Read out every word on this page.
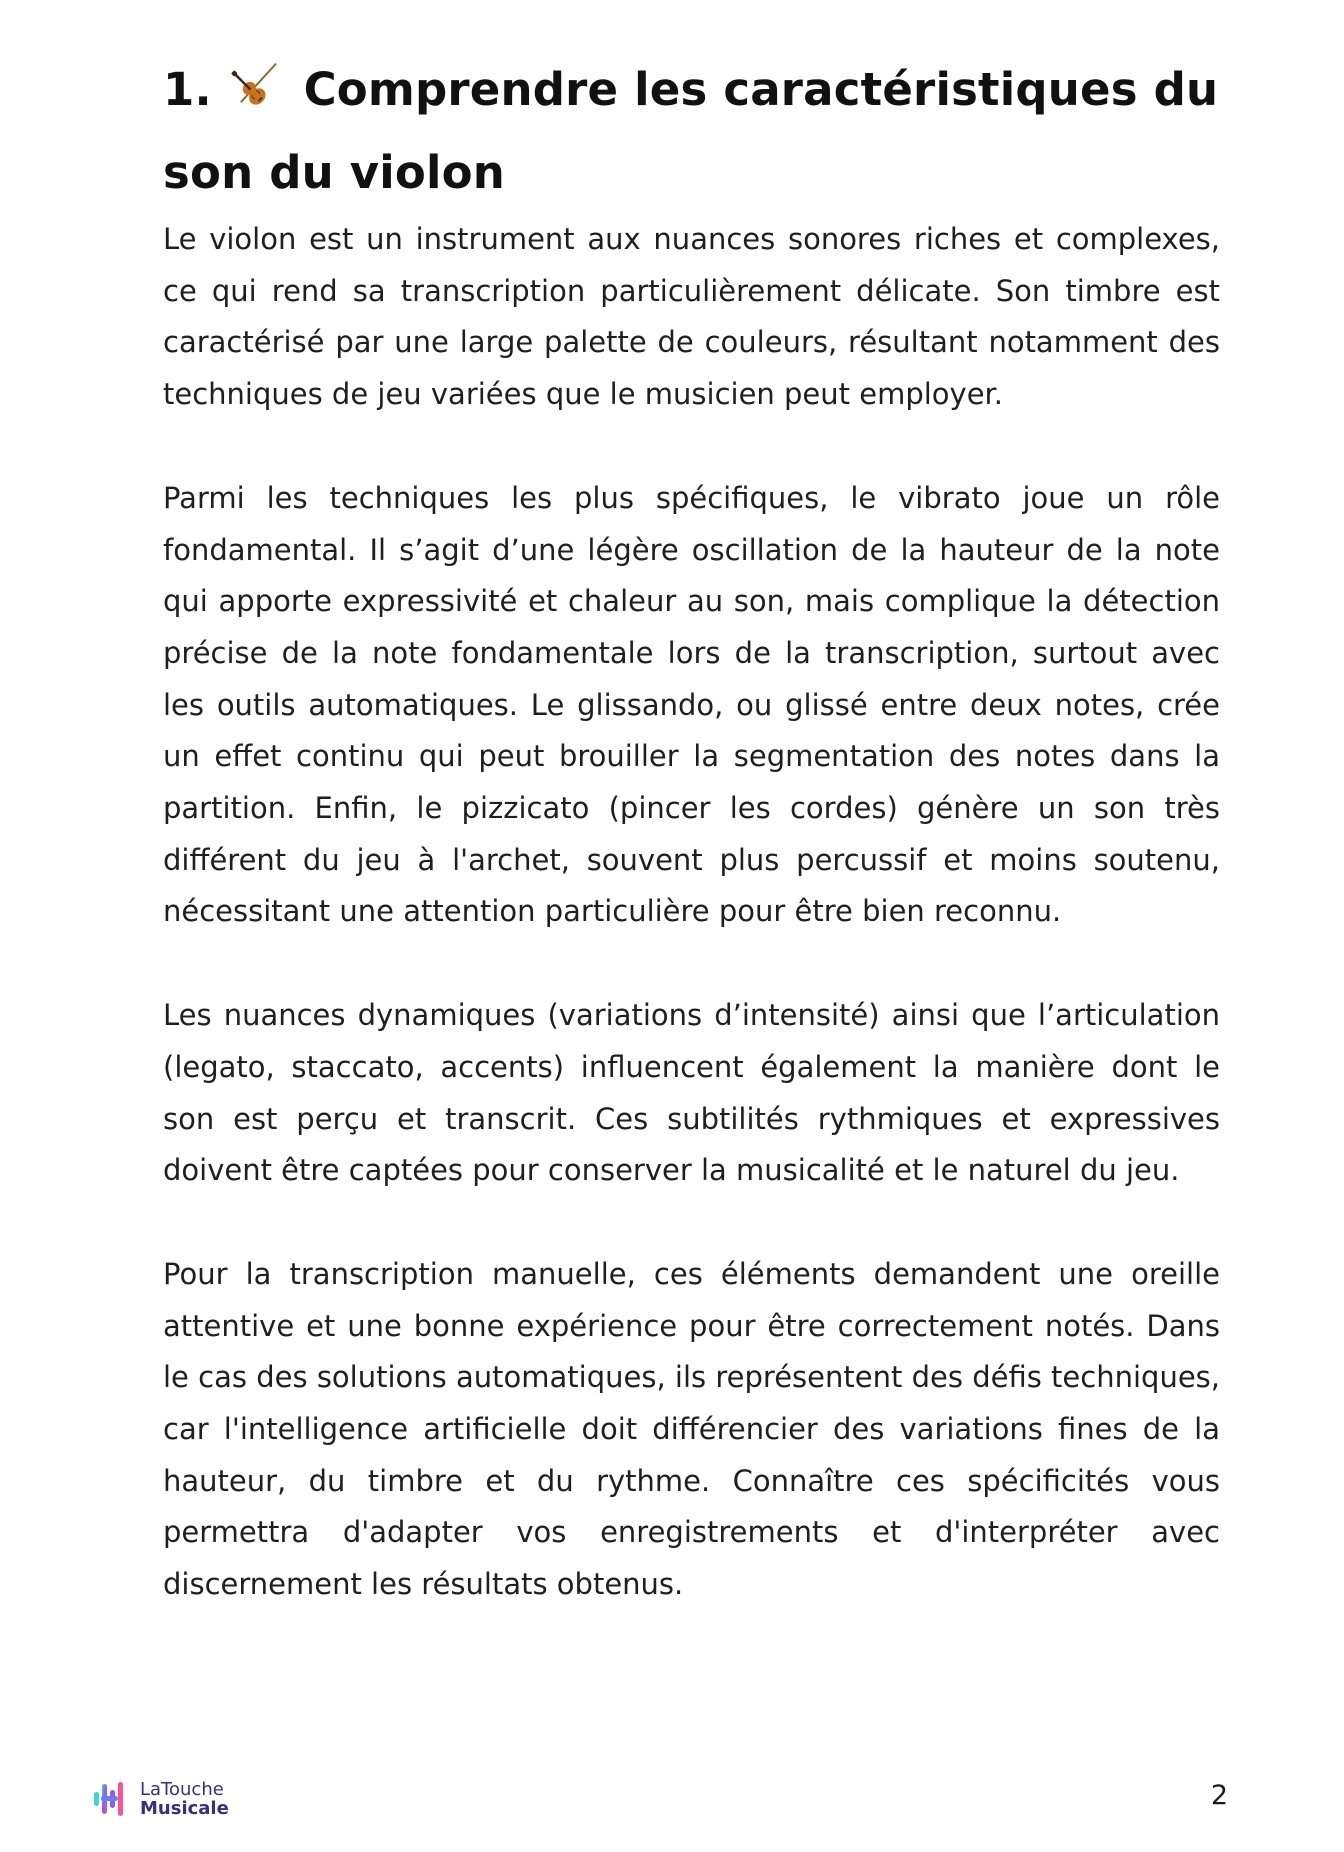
1. Comprendre les caractéristiques du son du violon

Le violon est un instrument aux nuances sonores riches et complexes, ce qui rend sa transcription particulièrement délicate. Son timbre est caractérisé par une large palette de couleurs, résultant notamment des techniques de jeu variées que le musicien peut employer.

Parmi les techniques les plus spécifiques, le vibrato joue un rôle fondamental. Il s’agit d’une légère oscillation de la hauteur de la note qui apporte expressivité et chaleur au son, mais complique la détection précise de la note fondamentale lors de la transcription, surtout avec les outils automatiques. Le glissando, ou glissé entre deux notes, crée un effet continu qui peut brouiller la segmentation des notes dans la partition. Enfin, le pizzicato (pincer les cordes) génère un son très différent du jeu à l'archet, souvent plus percussif et moins soutenu, nécessitant une attention particulière pour être bien reconnu.

Les nuances dynamiques (variations d’intensité) ainsi que l’articulation (legato, staccato, accents) influencent également la manière dont le son est perçu et transcrit. Ces subtilités rythmiques et expressives doivent être captées pour conserver la musicalité et le naturel du jeu.

Pour la transcription manuelle, ces éléments demandent une oreille attentive et une bonne expérience pour être correctement notés. Dans le cas des solutions automatiques, ils représentent des défis techniques, car l'intelligence artificielle doit différencier des variations fines de la hauteur, du timbre et du rythme. Connaître ces spécificités vous permettra d'adapter vos enregistrements et d'interpréter avec discernement les résultats obtenus.

LaTouche
Musicale	2
